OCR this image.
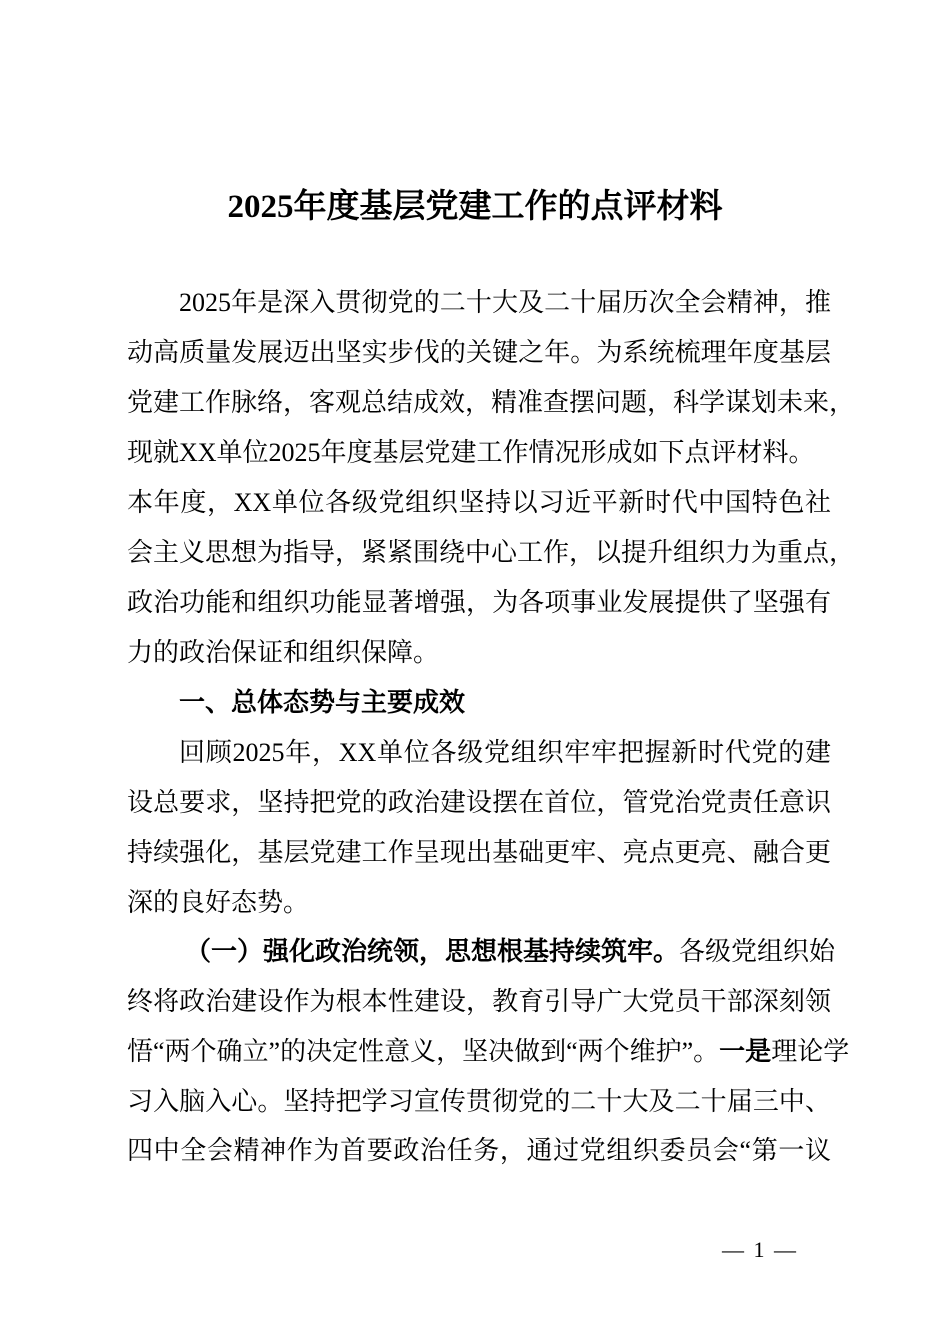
2025年度基层党建工作的点评材料
2025年是深入贯彻党的二十大及二十届历次全会精神，推
动高质量发展迈出坚实步伐的关键之年。为系统梳理年度基层
党建工作脉络，客观总结成效，精准查摆问题，科学谋划未来，
现就XX单位2025年度基层党建工作情况形成如下点评材料。
本年度，XX单位各级党组织坚持以习近平新时代中国特色社
会主义思想为指导，紧紧围绕中心工作，以提升组织力为重点，
政治功能和组织功能显著增强，为各项事业发展提供了坚强有
力的政治保证和组织保障。
一、总体态势与主要成效
回顾2025年，XX单位各级党组织牢牢把握新时代党的建
设总要求，坚持把党的政治建设摆在首位，管党治党责任意识
持续强化，基层党建工作呈现出基础更牢、亮点更亮、融合更
深的良好态势。
（一）强化政治统领，思想根基持续筑牢。各级党组织始
终将政治建设作为根本性建设，教育引导广大党员干部深刻领
悟“两个确立”的决定性意义，坚决做到“两个维护”。一是理论学
习入脑入心。坚持把学习宣传贯彻党的二十大及二十届三中、
四中全会精神作为首要政治任务，通过党组织委员会“第一议
— 1 —
